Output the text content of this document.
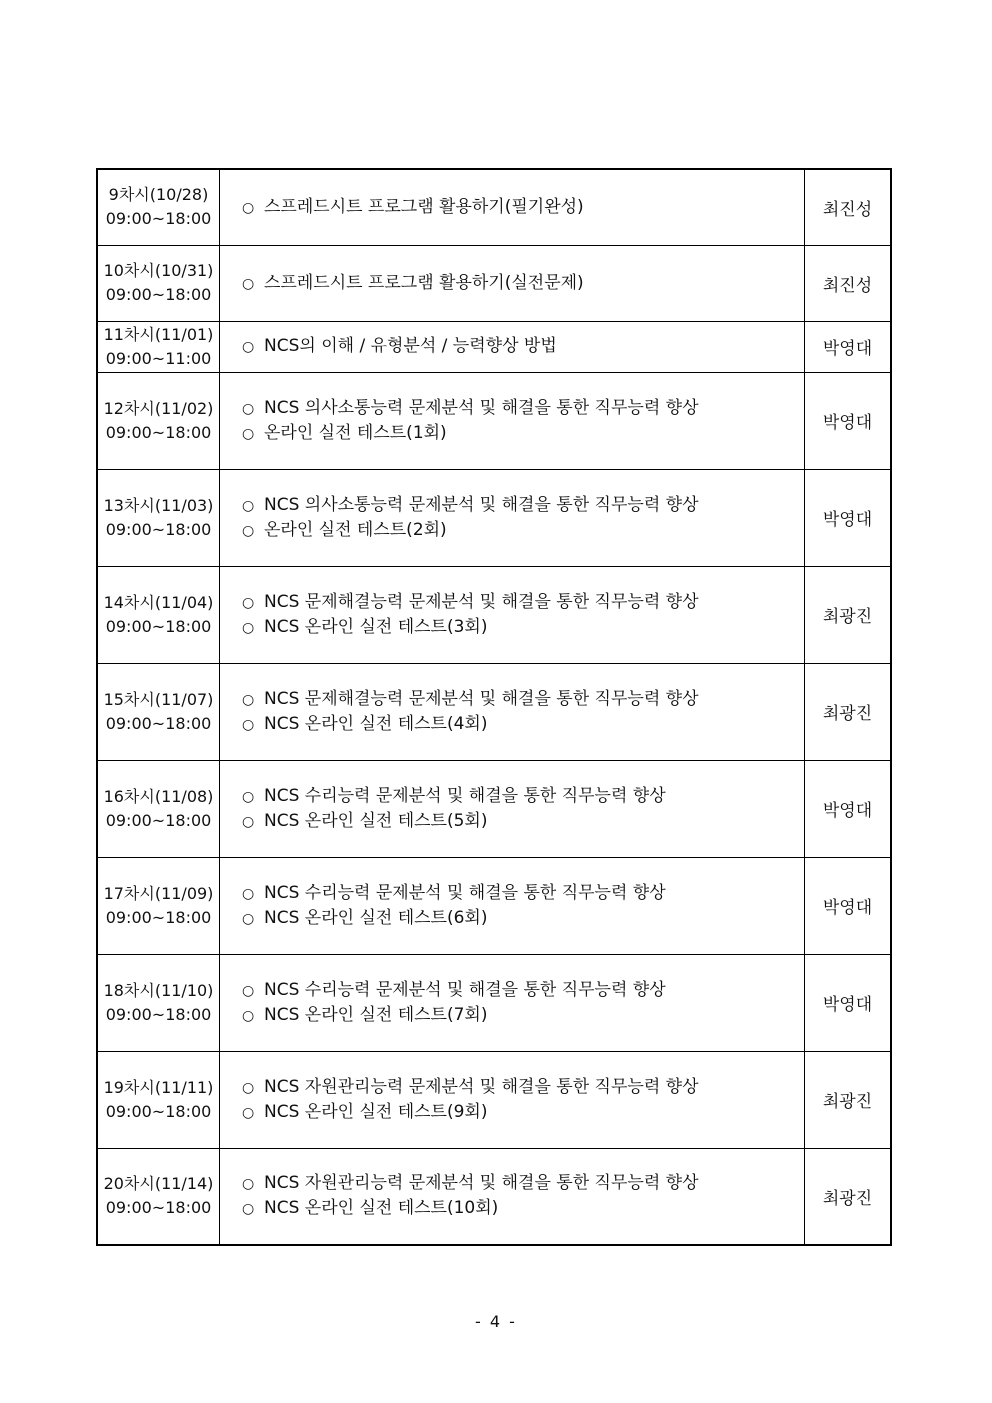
9차시(10/28)
09:00~18:00	○ 스프레드시트 프로그램 활용하기(필기완성)	최진성

10차시(10/31)
09:00~18:00	○ 스프레드시트 프로그램 활용하기(실전문제)	최진성

11차시(11/01)
09:00~11:00	○ NCS의 이해 / 유형분석 / 능력향상 방법	박영대

12차시(11/02)
09:00~18:00	○ NCS 의사소통능력 문제분석 및 해결을 통한 직무능력 향상
○ 온라인 실전 테스트(1회)	박영대

13차시(11/03)
09:00~18:00	○ NCS 의사소통능력 문제분석 및 해결을 통한 직무능력 향상
○ 온라인 실전 테스트(2회)	박영대

14차시(11/04)
09:00~18:00	○ NCS 문제해결능력 문제분석 및 해결을 통한 직무능력 향상
○ NCS 온라인 실전 테스트(3회)	최광진

15차시(11/07)
09:00~18:00	○ NCS 문제해결능력 문제분석 및 해결을 통한 직무능력 향상
○ NCS 온라인 실전 테스트(4회)	최광진

16차시(11/08)
09:00~18:00	○ NCS 수리능력 문제분석 및 해결을 통한 직무능력 향상
○ NCS 온라인 실전 테스트(5회)	박영대

17차시(11/09)
09:00~18:00	○ NCS 수리능력 문제분석 및 해결을 통한 직무능력 향상
○ NCS 온라인 실전 테스트(6회)	박영대

18차시(11/10)
09:00~18:00	○ NCS 수리능력 문제분석 및 해결을 통한 직무능력 향상
○ NCS 온라인 실전 테스트(7회)	박영대

19차시(11/11)
09:00~18:00	○ NCS 자원관리능력 문제분석 및 해결을 통한 직무능력 향상
○ NCS 온라인 실전 테스트(9회)	최광진

20차시(11/14)
09:00~18:00	○ NCS 자원관리능력 문제분석 및 해결을 통한 직무능력 향상
○ NCS 온라인 실전 테스트(10회)	최광진
- 4 -
